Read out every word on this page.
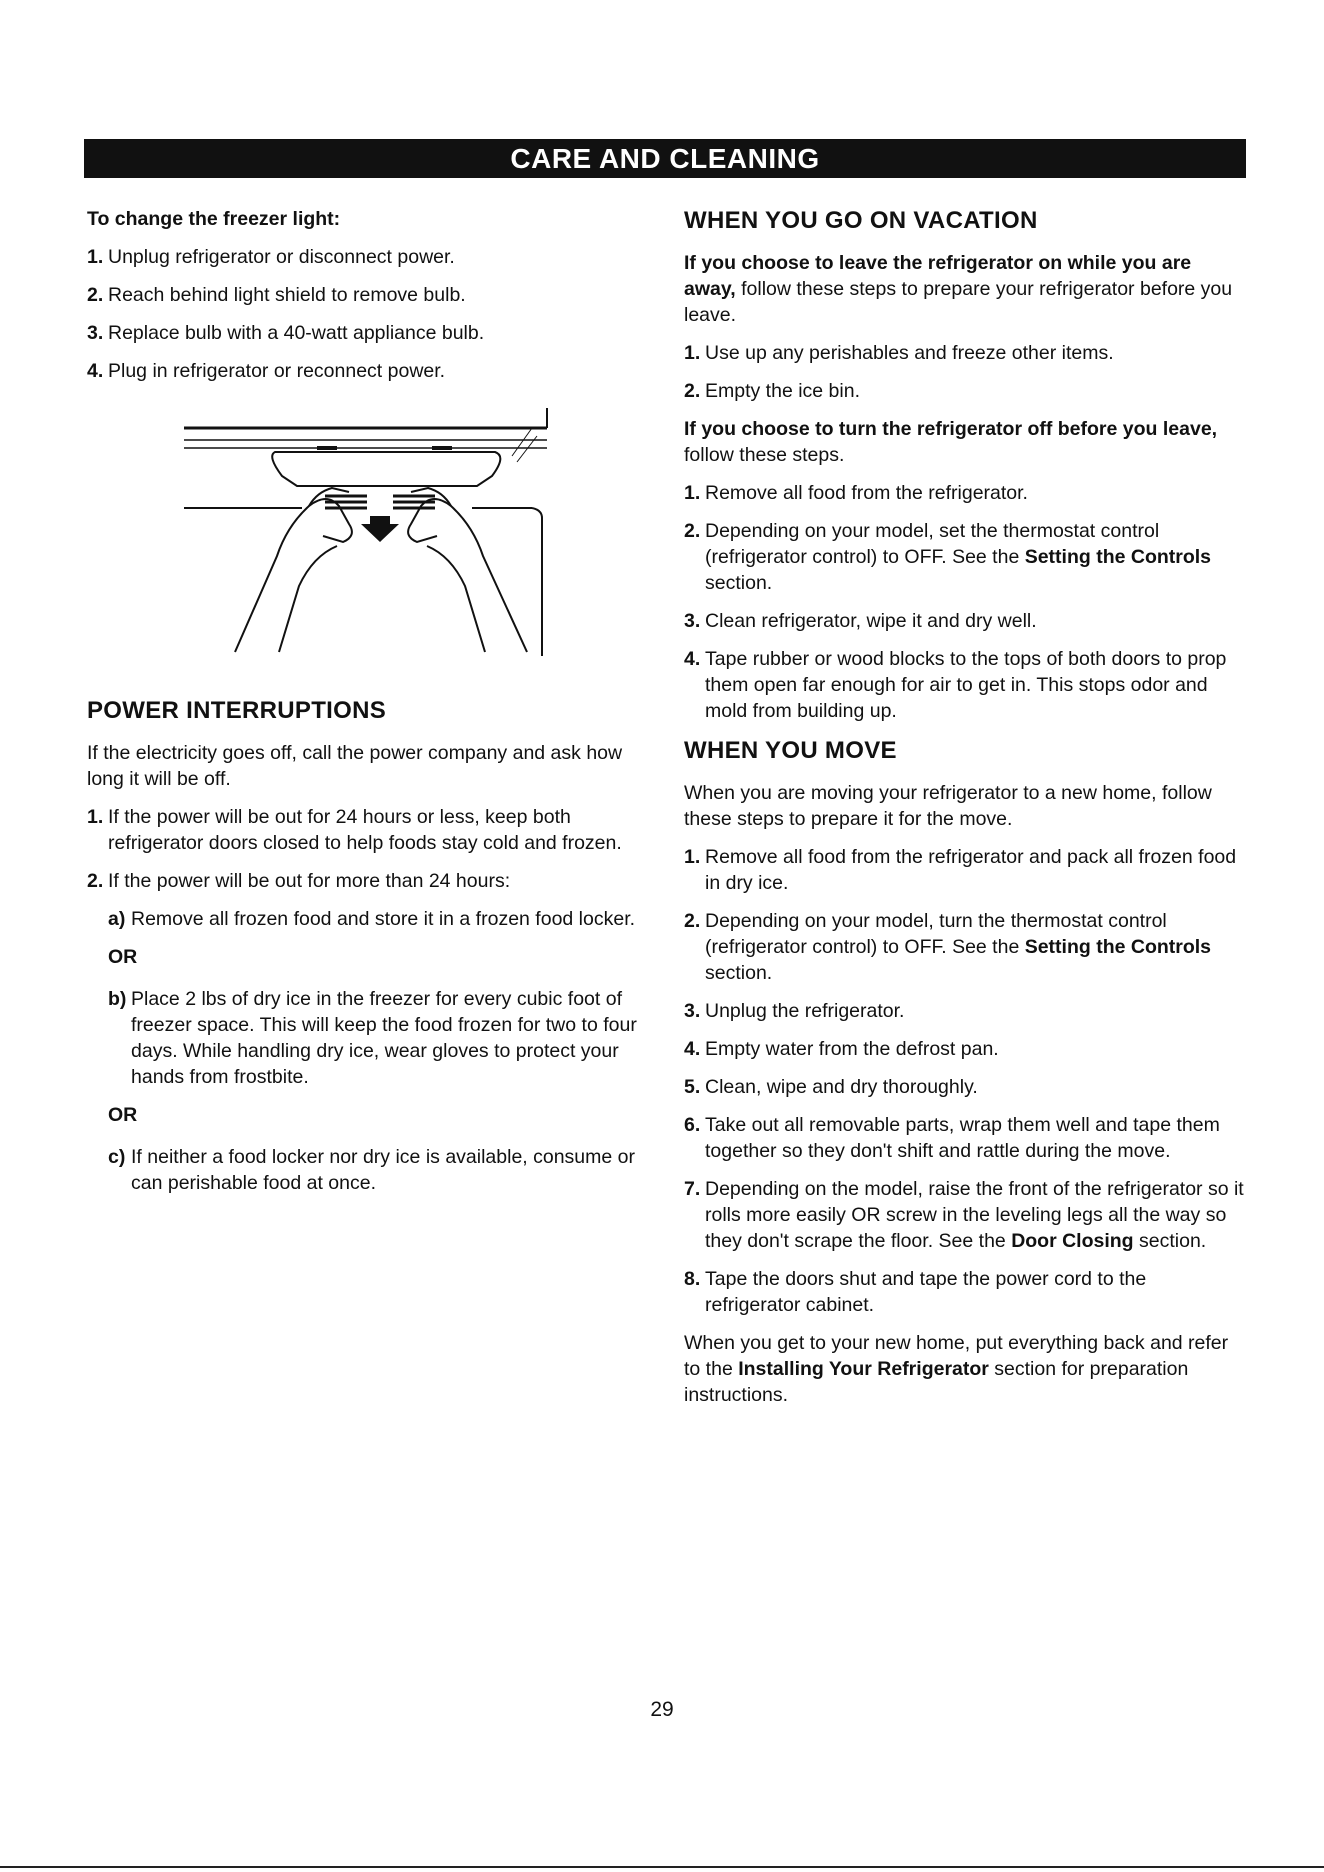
CARE AND CLEANING
To change the freezer light:
1. Unplug refrigerator or disconnect power.
2. Reach behind light shield to remove bulb.
3. Replace bulb with a 40-watt appliance bulb.
4. Plug in refrigerator or reconnect power.
POWER INTERRUPTIONS

If the electricity goes off, call the power company and ask how long it will be off.

1. If the power will be out for 24 hours or less, keep both refrigerator doors closed to help foods stay cold and frozen.
2. If the power will be out for more than 24 hours:
a) Remove all frozen food and store it in a frozen food locker.
OR
b) Place 2 lbs of dry ice in the freezer for every cubic foot of freezer space. This will keep the food frozen for two to four days. While handling dry ice, wear gloves to protect your hands from frostbite.
OR
c) If neither a food locker nor dry ice is available, consume or can perishable food at once.
WHEN YOU GO ON VACATION

If you choose to leave the refrigerator on while you are away, follow these steps to prepare your refrigerator before you leave.

1. Use up any perishables and freeze other items.
2. Empty the ice bin.

If you choose to turn the refrigerator off before you leave, follow these steps.

1. Remove all food from the refrigerator.
2. Depending on your model, set the thermostat control (refrigerator control) to OFF. See the Setting the Controls section.
3. Clean refrigerator, wipe it and dry well.
4. Tape rubber or wood blocks to the tops of both doors to prop them open far enough for air to get in. This stops odor and mold from building up.
WHEN YOU MOVE

When you are moving your refrigerator to a new home, follow these steps to prepare it for the move.

1. Remove all food from the refrigerator and pack all frozen food in dry ice.
2. Depending on your model, turn the thermostat control (refrigerator control) to OFF. See the Setting the Controls section.
3. Unplug the refrigerator.
4. Empty water from the defrost pan.
5. Clean, wipe and dry thoroughly.
6. Take out all removable parts, wrap them well and tape them together so they don't shift and rattle during the move.
7. Depending on the model, raise the front of the refrigerator so it rolls more easily OR screw in the leveling legs all the way so they don't scrape the floor. See the Door Closing section.
8. Tape the doors shut and tape the power cord to the refrigerator cabinet.

When you get to your new home, put everything back and refer to the Installing Your Refrigerator section for preparation instructions.

29
